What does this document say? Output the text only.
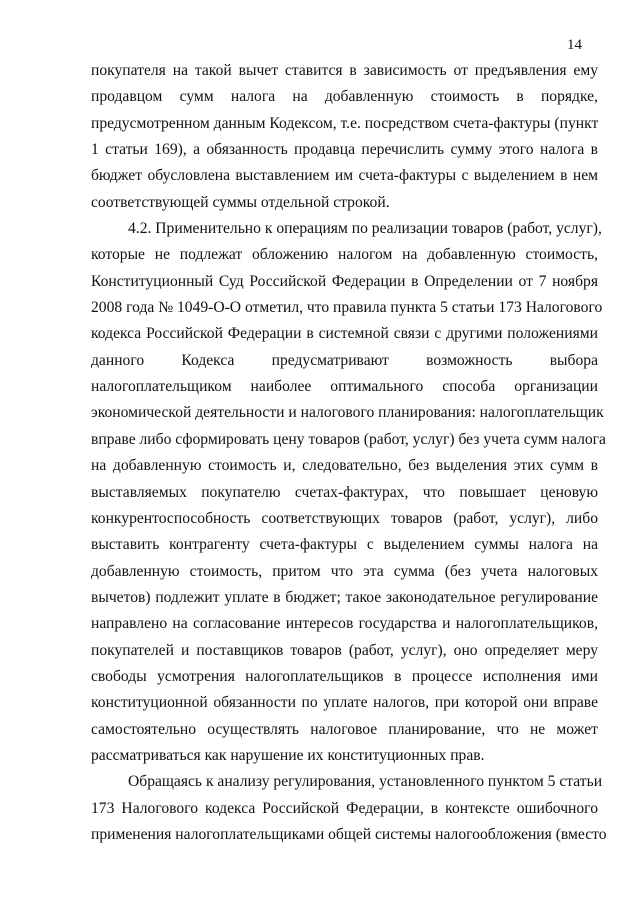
14
покупателя на такой вычет ставится в зависимость от предъявления ему
продавцом сумм налога на добавленную стоимость в порядке,
предусмотренном данным Кодексом, т.е. посредством счета-фактуры (пункт
1 статьи 169), а обязанность продавца перечислить сумму этого налога в
бюджет обусловлена выставлением им счета-фактуры с выделением в нем
соответствующей суммы отдельной строкой.
4.2. Применительно к операциям по реализации товаров (работ, услуг),
которые не подлежат обложению налогом на добавленную стоимость,
Конституционный Суд Российской Федерации в Определении от 7 ноября
2008 года № 1049-О-О отметил, что правила пункта 5 статьи 173 Налогового
кодекса Российской Федерации в системной связи с другими положениями
данного Кодекса предусматривают возможность выбора
налогоплательщиком наиболее оптимального способа организации
экономической деятельности и налогового планирования: налогоплательщик
вправе либо сформировать цену товаров (работ, услуг) без учета сумм налога
на добавленную стоимость и, следовательно, без выделения этих сумм в
выставляемых покупателю счетах-фактурах, что повышает ценовую
конкурентоспособность соответствующих товаров (работ, услуг), либо
выставить контрагенту счета-фактуры с выделением суммы налога на
добавленную стоимость, притом что эта сумма (без учета налоговых
вычетов) подлежит уплате в бюджет; такое законодательное регулирование
направлено на согласование интересов государства и налогоплательщиков,
покупателей и поставщиков товаров (работ, услуг), оно определяет меру
свободы усмотрения налогоплательщиков в процессе исполнения ими
конституционной обязанности по уплате налогов, при которой они вправе
самостоятельно осуществлять налоговое планирование, что не может
рассматриваться как нарушение их конституционных прав.
Обращаясь к анализу регулирования, установленного пунктом 5 статьи
173 Налогового кодекса Российской Федерации, в контексте ошибочного
применения налогоплательщиками общей системы налогообложения (вместо
